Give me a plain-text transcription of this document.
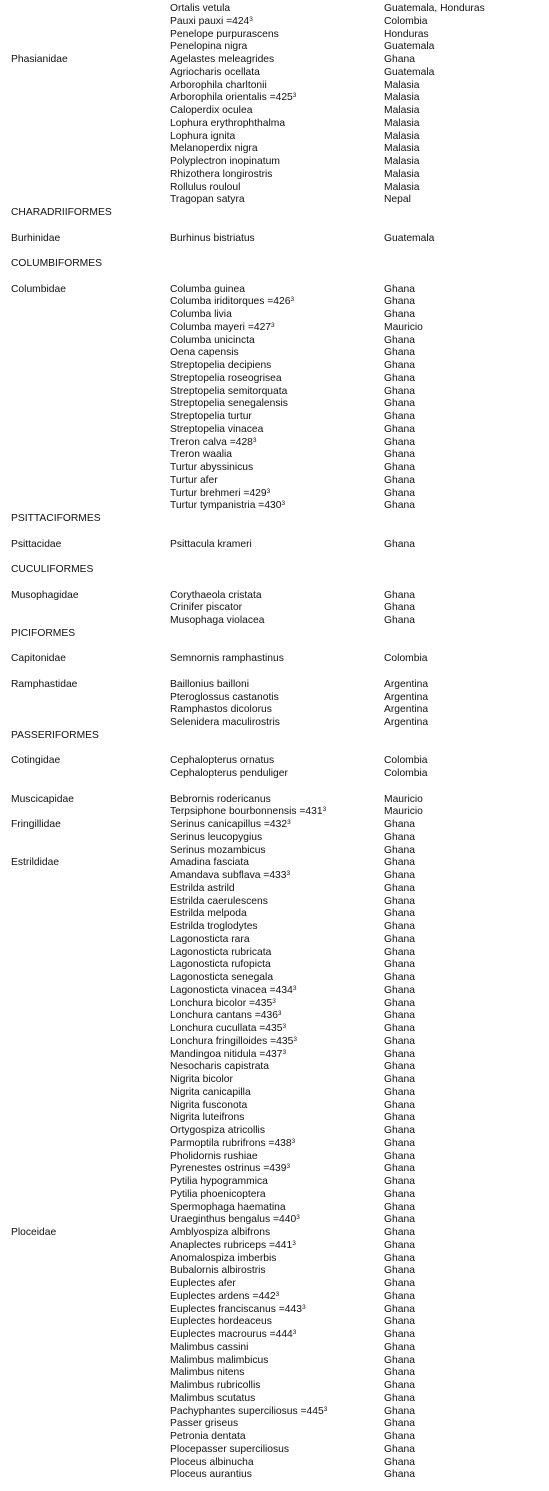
Ortalis vetula	Guatemala, Honduras
Pauxi pauxi $=424^3$	Colombia
Penelope purpurascens	Honduras
Penelopina nigra	Guatemala
Phasianidae	Agelastes meleagrides	Ghana
Agriocharis ocellata	Guatemala
Arborophila charltonii	Malasia
Arborophila orientalis $=425^3$	Malasia
Caloperdix oculea	Malasia
Lophura erythrophthalma	Malasia
Lophura ignita	Malasia
Melanoperdix nigra	Malasia
Polyplectron inopinatum	Malasia
Rhizothera longirostris	Malasia
Rollulus rouloul	Malasia
Tragopan satyra	Nepal
CHARADRIIFORMES
Burhinidae	Burhinus bistriatus	Guatemala
COLUMBIFORMES
Columbidae	Columba guinea	Ghana
Columba iriditorques $=426^3$	Ghana
Columba livia	Ghana
Columba mayeri $=427^3$	Mauricio
Columba unicincta	Ghana
Oena capensis	Ghana
Streptopelia decipiens	Ghana
Streptopelia roseogrisea	Ghana
Streptopelia semitorquata	Ghana
Streptopelia senegalensis	Ghana
Streptopelia turtur	Ghana
Streptopelia vinacea	Ghana
Treron calva $=428^3$	Ghana
Treron waalia	Ghana
Turtur abyssinicus	Ghana
Turtur afer	Ghana
Turtur brehmeri $=429^3$	Ghana
Turtur tympanistria $=430^3$	Ghana
PSITTACIFORMES
Psittacidae	Psittacula krameri	Ghana
CUCULIFORMES
Musophagidae	Corythaeola cristata	Ghana
Crinifer piscator	Ghana
Musophaga violacea	Ghana
PICIFORMES
Capitonidae	Semnornis ramphastinus	Colombia
Ramphastidae	Baillonius bailloni	Argentina
Pteroglossus castanotis	Argentina
Ramphastos dicolorus	Argentina
Selenidera maculirostris	Argentina
PASSERIFORMES
Cotingidae	Cephalopterus ornatus	Colombia
Cephalopterus penduliger	Colombia
Muscicapidae	Bebrornis rodericanus	Mauricio
Terpsiphone bourbonnensis $=431^3$	Mauricio
Fringillidae	Serinus canicapillus $=432^3$	Ghana
Serinus leucopygius	Ghana
Serinus mozambicus	Ghana
Estrildidae	Amadina fasciata	Ghana
Amandava subflava $=433^3$	Ghana
Estrilda astrild	Ghana
Estrilda caerulescens	Ghana
Estrilda melpoda	Ghana
Estrilda troglodytes	Ghana
Lagonosticta rara	Ghana
Lagonosticta rubricata	Ghana
Lagonosticta rufopicta	Ghana
Lagonosticta senegala	Ghana
Lagonosticta vinacea $=434^3$	Ghana
Lonchura bicolor $=435^3$	Ghana
Lonchura $cantans =436^3$	Ghana
Lonchura cucullata $=435^3$	Ghana
Lonchura fringilloides $=435^3$	Ghana
Mandingoa nitidula $=437^3$	Ghana
Nesocharis capistrata	Ghana
Nigrita bicolor	Ghana
Nigrita canicapilla	Ghana
Nigrita fusconota	Ghana
Nigrita luteifrons	Ghana
Ortygospiza atricollis	Ghana
Parmoptila rubrifrons $=438^3$	Ghana
Pholidornis rushiae	Ghana
Pyrenestes ostrinus $=439^3$	Ghana
Pytilia hypogrammica	Ghana
Pytilia phoenicoptera	Ghana
Spermophaga haematina	Ghana
Uraeginthus bengalus $=440^3$	Ghana
Ploceidae	Amblyospiza albifrons	Ghana
Anaplectes rubriceps $=441^3$	Ghana
Anomalospiza imberbis	Ghana
Bubalornis albirostris	Ghana
Euplectes afer	Ghana
Euplectes ardens $=442^3$	Ghana
Euplectes franciscanus $=443^3$	Ghana
Euplectes hordeaceus	Ghana
Euplectes macrourus $=444^3$	Ghana
Malimbus cassini	Ghana
Malimbus malimbicus	Ghana
Malimbus nitens	Ghana
Malimbus rubricollis	Ghana
Malimbus scutatus	Ghana
Pachyphantes superciliosus $=445^3$	Ghana
Passer griseus	Ghana
Petronia dentata	Ghana
Plocepasser superciliosus	Ghana
Ploceus albinucha	Ghana
Ploceus aurantius	Ghana
